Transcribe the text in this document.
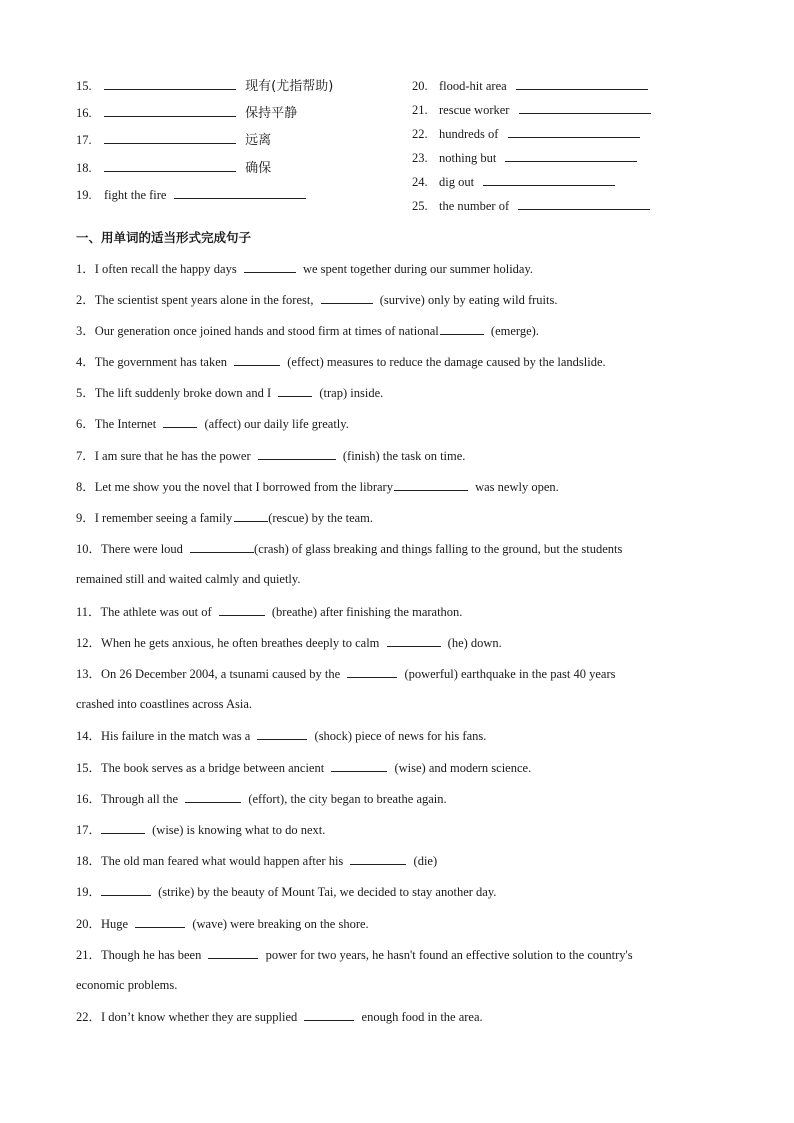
15.	现有(尤指帮助)
16.	保持平静
17.	远离
18.	确保
19. fight the fire
20. flood-hit area
21. rescue worker
22. hundreds of
23. nothing but
24. dig out
25. the number of
一、用单词的适当形式完成句子
1．I often recall the happy days	we spent together during our summer holiday.
2．The scientist spent years alone in the forest,	(survive) only by eating wild fruits.
3．Our generation once joined hands and stood firm at times of national	(emerge).
4．The government has taken	(effect) measures to reduce the damage caused by the landslide.
5．The lift suddenly broke down and I	(trap) inside.
6．The Internet	(affect) our daily life greatly.
7．I am sure that he has the power	(finish) the task on time.
8．Let me show you the novel that I borrowed from the library	was newly open.
9．I remember seeing a family	(rescue) by the team.
10．There were loud	(crash) of glass breaking and things falling to the ground, but the students
remained still and waited calmly and quietly.
11．The athlete was out of	(breathe) after finishing the marathon.
12．When he gets anxious, he often breathes deeply to calm	(he) down.
13．On 26 December 2004, a tsunami caused by the	(powerful) earthquake in the past 40 years
crashed into coastlines across Asia.
14．His failure in the match was a	(shock) piece of news for his fans.
15．The book serves as a bridge between ancient	(wise) and modern science.
16．Through all the	(effort), the city began to breathe again.
17．	(wise) is knowing what to do next.
18．The old man feared what would happen after his	(die)
19．	(strike) by the beauty of Mount Tai, we decided to stay another day.
20．Huge	(wave) were breaking on the shore.
21．Though he has been	power for two years, he hasn't found an effective solution to the country's
economic problems.
22．I don’t know whether they are supplied	enough food in the area.
